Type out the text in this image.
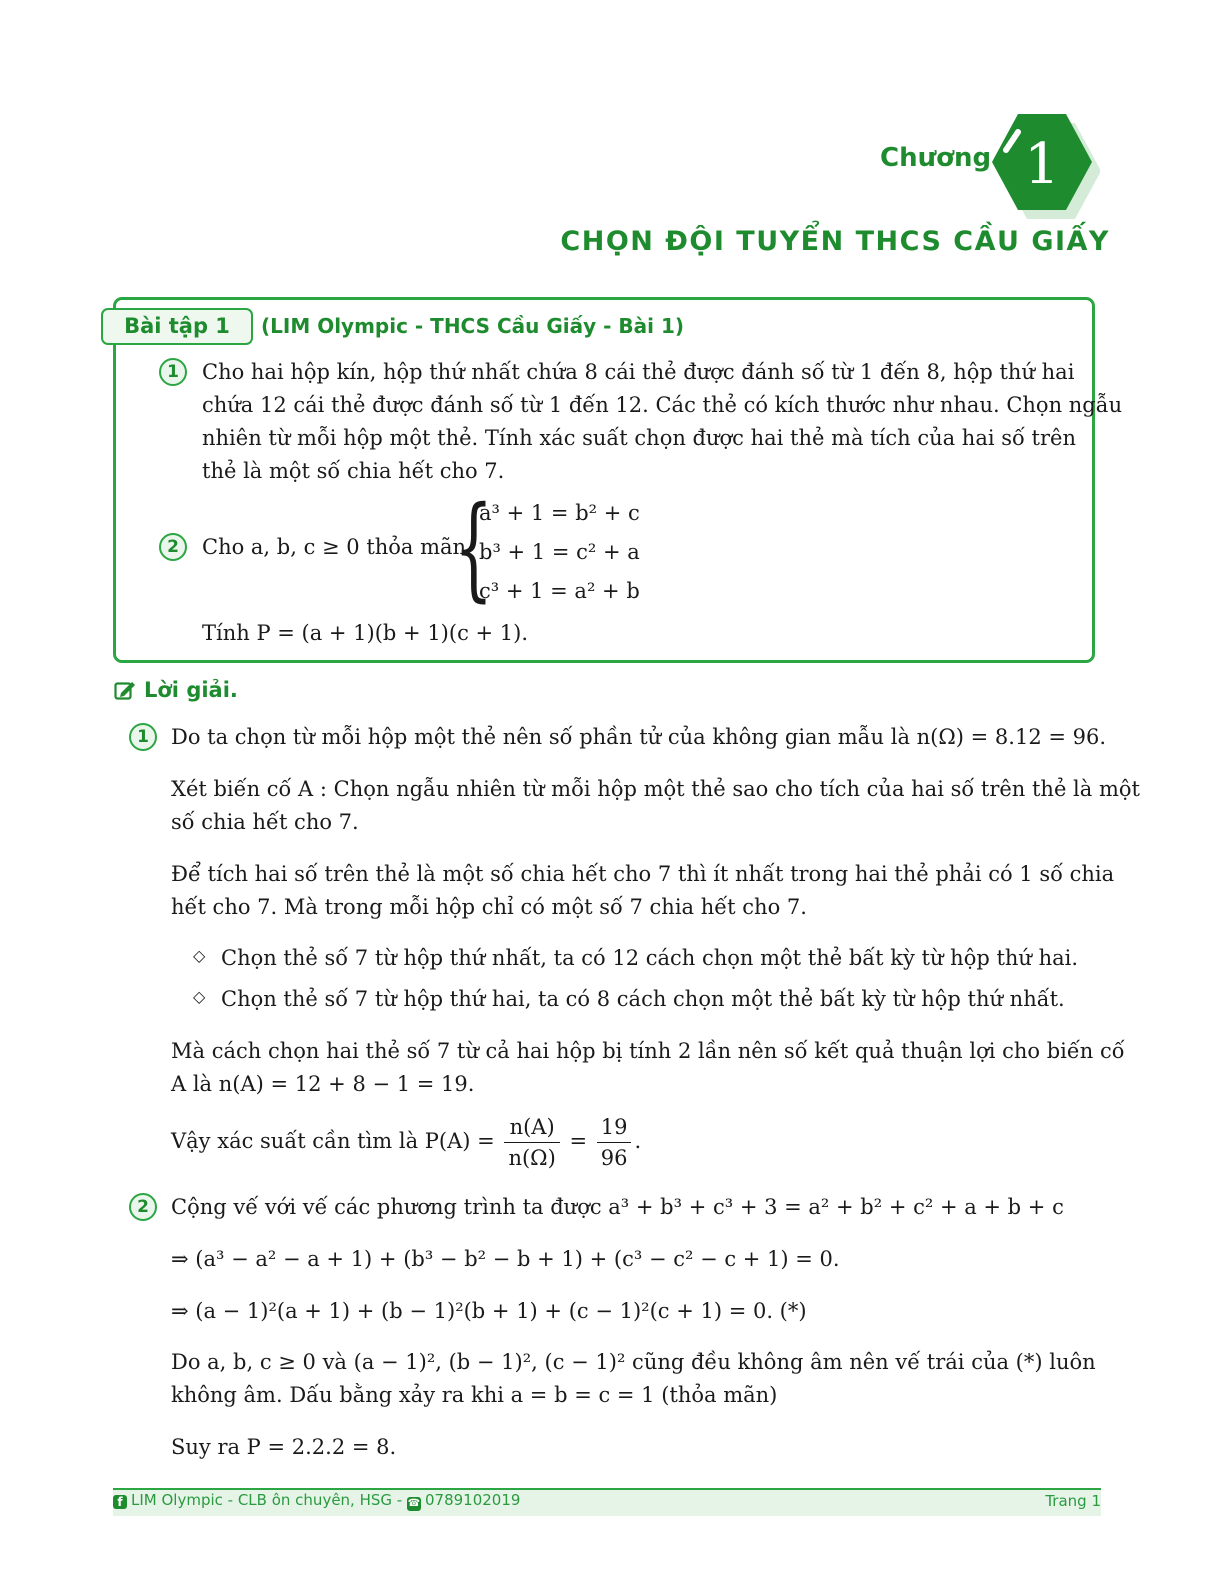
Chương 1
CHỌN ĐỘI TUYỂN THCS CẦU GIẤY
Bài tập 1	(LIM Olympic - THCS Cầu Giấy - Bài 1)
1	Cho hai hộp kín, hộp thứ nhất chứa 8 cái thẻ được đánh số từ 1 đến 8, hộp thứ hai
chứa 12 cái thẻ được đánh số từ 1 đến 12. Các thẻ có kích thước như nhau. Chọn ngẫu
nhiên từ mỗi hộp một thẻ. Tính xác suất chọn được hai thẻ mà tích của hai số trên
thẻ là một số chia hết cho 7.
2	Cho a, b, c ≥ 0 thỏa mãn
{
a³ + 1 = b² + c
b³ + 1 = c² + a
c³ + 1 = a² + b
Tính P = (a + 1)(b + 1)(c + 1).
Lời giải.
1	Do ta chọn từ mỗi hộp một thẻ nên số phần tử của không gian mẫu là n(Ω) = 8.12 = 96.
Xét biến cố A : Chọn ngẫu nhiên từ mỗi hộp một thẻ sao cho tích của hai số trên thẻ là một
số chia hết cho 7.
Để tích hai số trên thẻ là một số chia hết cho 7 thì ít nhất trong hai thẻ phải có 1 số chia
hết cho 7. Mà trong mỗi hộp chỉ có một số 7 chia hết cho 7.
◇ Chọn thẻ số 7 từ hộp thứ nhất, ta có 12 cách chọn một thẻ bất kỳ từ hộp thứ hai.
◇ Chọn thẻ số 7 từ hộp thứ hai, ta có 8 cách chọn một thẻ bất kỳ từ hộp thứ nhất.
Mà cách chọn hai thẻ số 7 từ cả hai hộp bị tính 2 lần nên số kết quả thuận lợi cho biến cố
A là n(A) = 12 + 8 − 1 = 19.
Vậy xác suất cần tìm là $P(A) = \frac{n(A)}{n(\Omega)} = \frac{19}{96}$ .
2	Cộng vế với vế các phương trình ta được a³ + b³ + c³ + 3 = a² + b² + c² + a + b + c
⇒ (a³ − a² − a + 1) + (b³ − b² − b + 1) + (c³ − c² − c + 1) = 0.
⇒ (a − 1)²(a + 1) + (b − 1)²(b + 1) + (c − 1)²(c + 1) = 0. (*)
Do a, b, c ≥ 0 và (a − 1)², (b − 1)², (c − 1)² cũng đều không âm nên vế trái của (*) luôn
không âm. Dấu bằng xảy ra khi a = b = c = 1 (thỏa mãn)
Suy ra P = 2.2.2 = 8.
f LIM Olympic - CLB ôn chuyên, HSG - ☎ 0789102019	Trang 1
